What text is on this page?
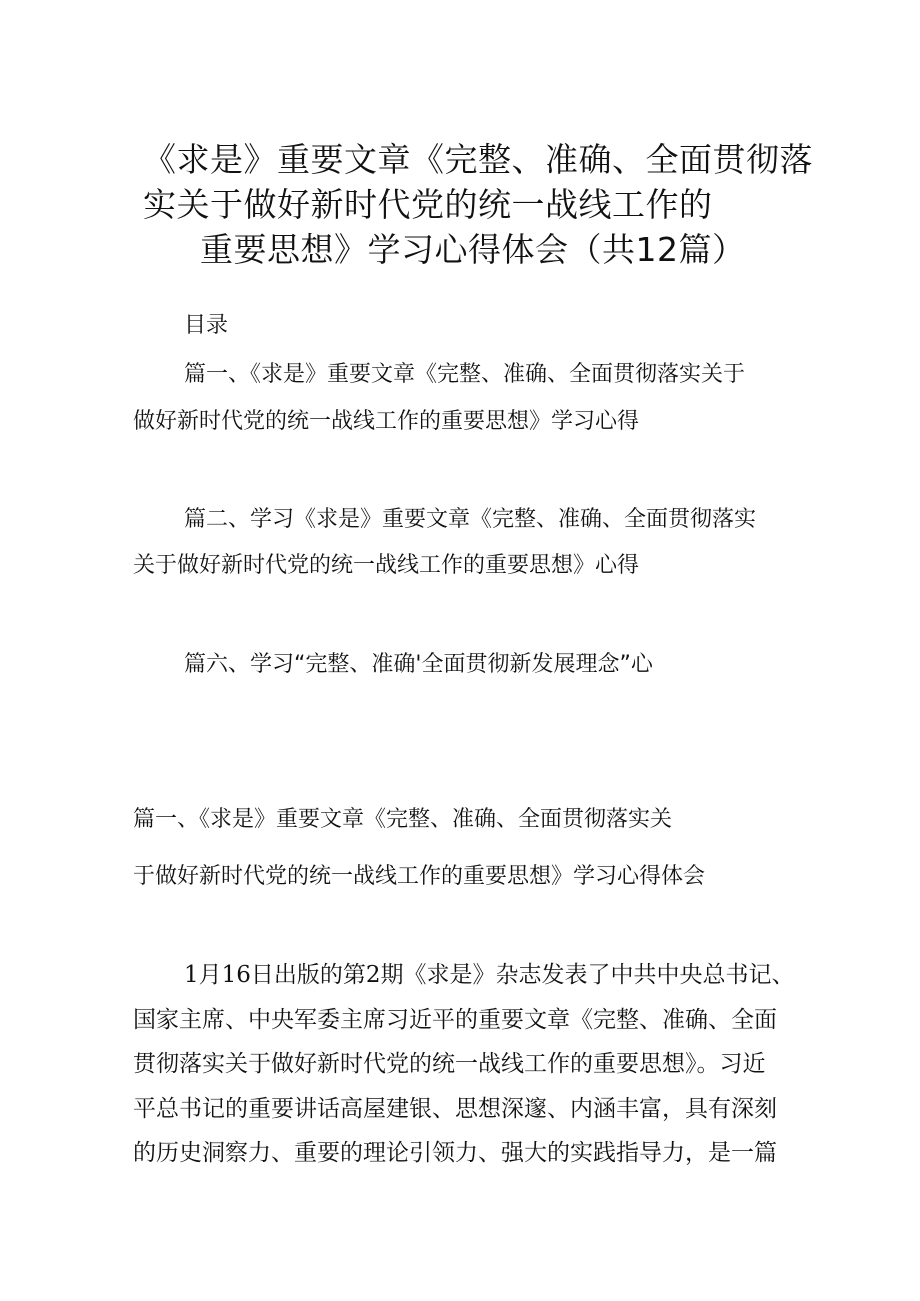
《求是》重要文章《完整、准确、全面贯彻落
实关于做好新时代党的统一战线工作的
重要思想》学习心得体会（共12篇）
目录
篇一、《求是》重要文章《完整、准确、全面贯彻落实关于
做好新时代党的统一战线工作的重要思想》学习心得
篇二、学习《求是》重要文章《完整、准确、全面贯彻落实
关于做好新时代党的统一战线工作的重要思想》心得
篇六、学习“完整、准确'全面贯彻新发展理念”心
篇一、《求是》重要文章《完整、准确、全面贯彻落实关
于做好新时代党的统一战线工作的重要思想》学习心得体会
1月16日出版的第2期《求是》杂志发表了中共中央总书记、
国家主席、中央军委主席习近平的重要文章《完整、准确、全面
贯彻落实关于做好新时代党的统一战线工作的重要思想》。习近
平总书记的重要讲话高屋建银、思想深邃、内涵丰富，具有深刻
的历史洞察力、重要的理论引领力、强大的实践指导力，是一篇
